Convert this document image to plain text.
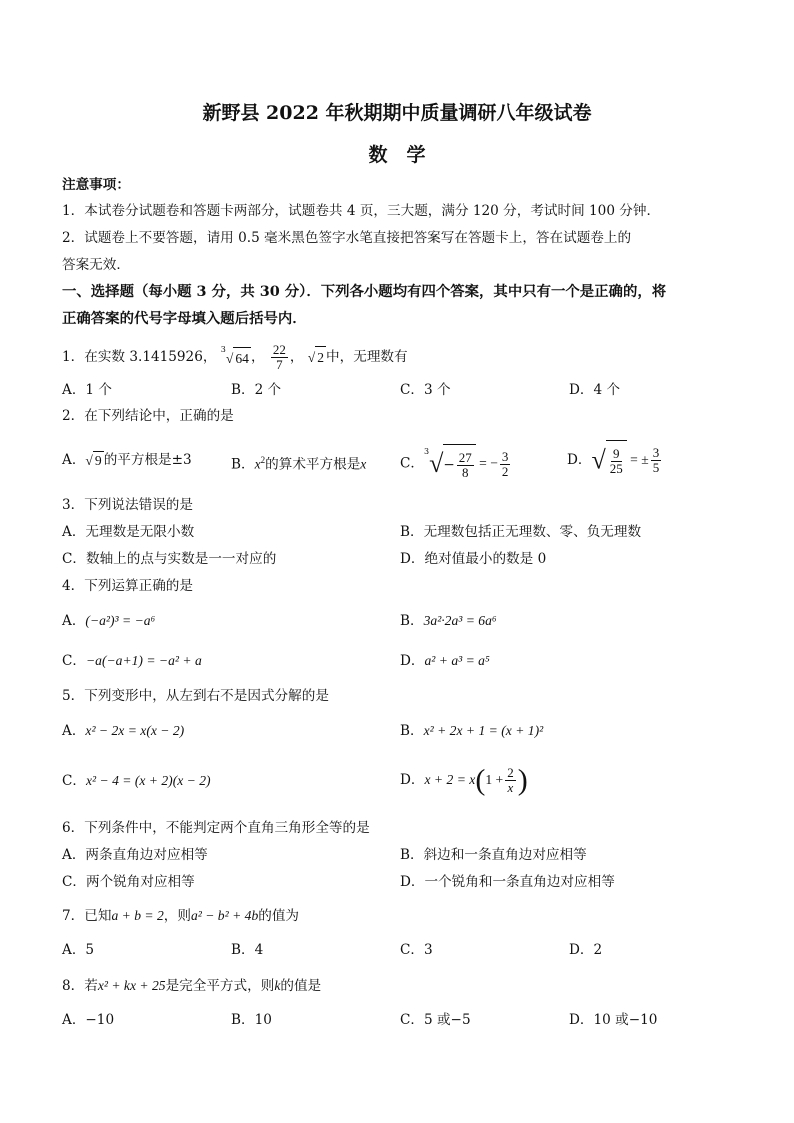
新野县 2022 年秋期期中质量调研八年级试卷
数　学
注意事项：
1．本试卷分试题卷和答题卡两部分，试题卷共 4 页，三大题，满分 120 分，考试时间 100 分钟．
2．试题卷上不要答题，请用 0.5 毫米黑色签字水笔直接把答案写在答题卡上，答在试题卷上的
答案无效．
一、选择题（每小题 3 分，共 30 分）．下列各小题均有四个答案，其中只有一个是正确的，将
正确答案的代号字母填入题后括号内．
1．在实数 3.1415926， $^3$√ 64 ， $\frac{22}{7}$ ， √ 2 中，无理数有
A．1 个	B．2 个	C．3 个	D．4 个
2．在下列结论中，正确的是
A．√ 9 的平方根是±3	B．$x^2$的算术平方根是x C．$^3√- \frac{27}{8}$ = − $\frac{3}{2}$	D．√ $\frac{9}{25}$ = ± $\frac{3}{5}$
3．下列说法错误的是
A．无理数是无限小数	B．无理数包括正无理数、零、负无理数
C．数轴上的点与实数是一一对应的	D．绝对值最小的数是 0
4．下列运算正确的是
A．(−a²)³ = −a⁶	B．3a²·2a³ = 6a⁶
C．−a(−a+1) = −a² + a	D．a² + a³ = a⁵
5．下列变形中，从左到右不是因式分解的是
A．x² − 2x = x(x − 2)	B．x² + 2x + 1 = (x + 1)²
C．x² − 4 = (x + 2)(x − 2)	D．$x + 2 = x(1 + \frac{2}{x}$ )
6．下列条件中，不能判定两个直角三角形全等的是
A．两条直角边对应相等	B．斜边和一条直角边对应相等
C．两个锐角对应相等	D．一个锐角和一条直角边对应相等
7．已知a + b = 2，则a² − b² + 4b的值为
A．5	B．4	C．3	D．2
8．若x² + kx + 25是完全平方式，则k的值是
A．−10	B．10	C．5 或−5	D．10 或−10
